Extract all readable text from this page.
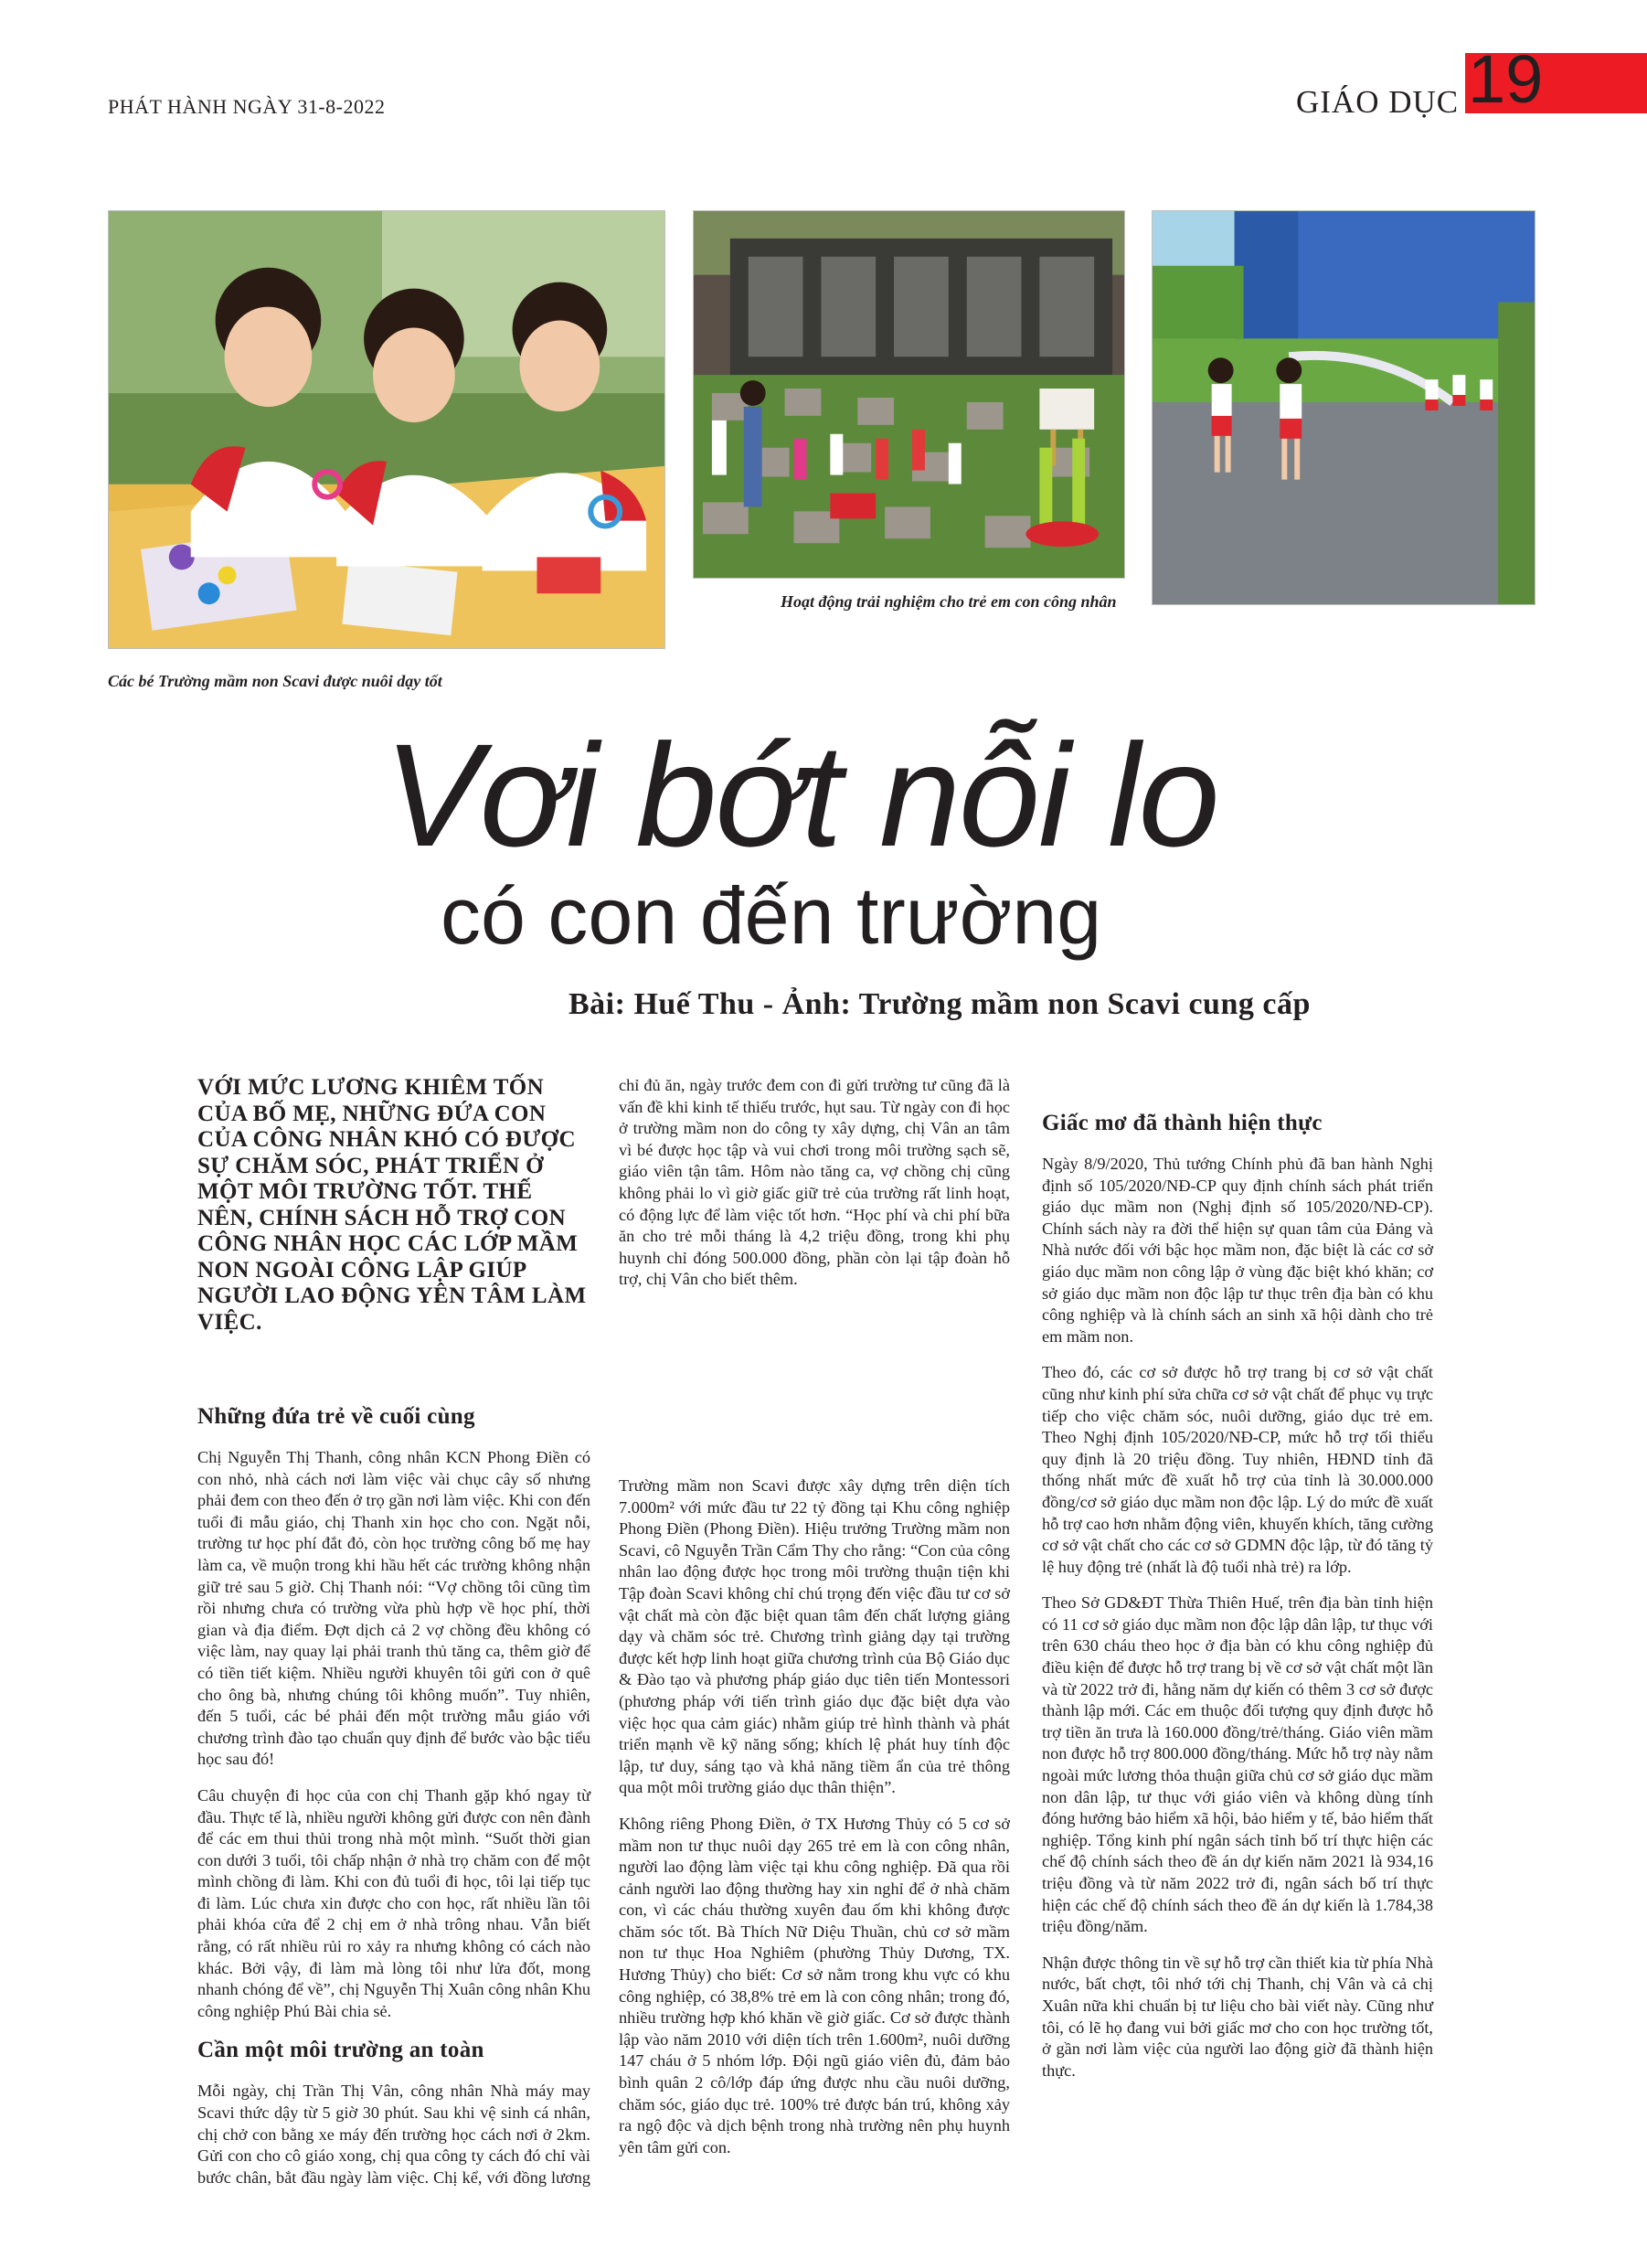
PHÁT HÀNH NGÀY 31-8-2022	GIÁO DỤC 19
Hoạt động trải nghiệm cho trẻ em con công nhân
Các bé Trường mầm non Scavi được nuôi dạy tốt
Vơi bớt nỗi lo
có con đến trường
Bài: Huế Thu - Ảnh: Trường mầm non Scavi cung cấp

VỚI MỨC LƯƠNG KHIÊM TỐN CỦA BỐ MẸ, NHỮNG ĐỨA CON CỦA CÔNG NHÂN KHÓ CÓ ĐƯỢC SỰ CHĂM SÓC, PHÁT TRIỂN Ở MỘT MÔI TRƯỜNG TỐT. THẾ NÊN, CHÍNH SÁCH HỖ TRỢ CON CÔNG NHÂN HỌC CÁC LỚP MẦM NON NGOÀI CÔNG LẬP GIÚP NGƯỜI LAO ĐỘNG YÊN TÂM LÀM VIỆC.

Những đứa trẻ về cuối cùng

Chị Nguyễn Thị Thanh, công nhân KCN Phong Điền có con nhỏ, nhà cách nơi làm việc vài chục cây số nhưng phải đem con theo đến ở trọ gần nơi làm việc. Khi con đến tuổi đi mẫu giáo, chị Thanh xin học cho con. Ngặt nỗi, trường tư học phí đắt đỏ, còn học trường công bố mẹ hay làm ca, về muộn trong khi hầu hết các trường không nhận giữ trẻ sau 5 giờ. Chị Thanh nói: “Vợ chồng tôi cũng tìm rồi nhưng chưa có trường vừa phù hợp về học phí, thời gian và địa điểm. Đợt dịch cả 2 vợ chồng đều không có việc làm, nay quay lại phải tranh thủ tăng ca, thêm giờ để có tiền tiết kiệm. Nhiều người khuyên tôi gửi con ở quê cho ông bà, nhưng chúng tôi không muốn”. Tuy nhiên, đến 5 tuổi, các bé phải đến một trường mẫu giáo với chương trình đào tạo chuẩn quy định để bước vào bậc tiểu học sau đó!

Câu chuyện đi học của con chị Thanh gặp khó ngay từ đầu. Thực tế là, nhiều người không gửi được con nên đành để các em thui thủi trong nhà một mình. “Suốt thời gian con dưới 3 tuổi, tôi chấp nhận ở nhà trọ chăm con để một mình chồng đi làm. Khi con đủ tuổi đi học, tôi lại tiếp tục đi làm. Lúc chưa xin được cho con học, rất nhiều lần tôi phải khóa cửa để 2 chị em ở nhà trông nhau. Vẫn biết rằng, có rất nhiều rủi ro xảy ra nhưng không có cách nào khác. Bởi vậy, đi làm mà lòng tôi như lửa đốt, mong nhanh chóng để về”, chị Nguyễn Thị Xuân công nhân Khu công nghiệp Phú Bài chia sẻ.

Cần một môi trường an toàn

Mỗi ngày, chị Trần Thị Vân, công nhân Nhà máy may Scavi thức dậy từ 5 giờ 30 phút. Sau khi vệ sinh cá nhân, chị chở con bằng xe máy đến trường học cách nơi ở 2km. Gửi con cho cô giáo xong, chị qua công ty cách đó chỉ vài bước chân, bắt đầu ngày làm việc. Chị kể, với đồng lương

chỉ đủ ăn, ngày trước đem con đi gửi trường tư cũng đã là vấn đề khi kinh tế thiếu trước, hụt sau. Từ ngày con đi học ở trường mầm non do công ty xây dựng, chị Vân an tâm vì bé được học tập và vui chơi trong môi trường sạch sẽ, giáo viên tận tâm. Hôm nào tăng ca, vợ chồng chị cũng không phải lo vì giờ giấc giữ trẻ của trường rất linh hoạt, có động lực để làm việc tốt hơn. “Học phí và chi phí bữa ăn cho trẻ mỗi tháng là 4,2 triệu đồng, trong khi phụ huynh chỉ đóng 500.000 đồng, phần còn lại tập đoàn hỗ trợ, chị Vân cho biết thêm.

Trường mầm non Scavi được xây dựng trên diện tích 7.000m² với mức đầu tư 22 tỷ đồng tại Khu công nghiệp Phong Điền (Phong Điền). Hiệu trưởng Trường mầm non Scavi, cô Nguyễn Trần Cẩm Thy cho rằng: “Con của công nhân lao động được học trong môi trường thuận tiện khi Tập đoàn Scavi không chỉ chú trọng đến việc đầu tư cơ sở vật chất mà còn đặc biệt quan tâm đến chất lượng giảng dạy và chăm sóc trẻ. Chương trình giảng dạy tại trường được kết hợp linh hoạt giữa chương trình của Bộ Giáo dục & Đào tạo và phương pháp giáo dục tiên tiến Montessori (phương pháp với tiến trình giáo dục đặc biệt dựa vào việc học qua cảm giác) nhằm giúp trẻ hình thành và phát triển mạnh về kỹ năng sống; khích lệ phát huy tính độc lập, tư duy, sáng tạo và khả năng tiềm ẩn của trẻ thông qua một môi trường giáo dục thân thiện”.

Không riêng Phong Điền, ở TX Hương Thủy có 5 cơ sở mầm non tư thục nuôi dạy 265 trẻ em là con công nhân, người lao động làm việc tại khu công nghiệp. Đã qua rồi cảnh người lao động thường hay xin nghỉ để ở nhà chăm con, vì các cháu thường xuyên đau ốm khi không được chăm sóc tốt. Bà Thích Nữ Diệu Thuần, chủ cơ sở mầm non tư thục Hoa Nghiêm (phường Thủy Dương, TX. Hương Thủy) cho biết: Cơ sở nằm trong khu vực có khu công nghiệp, có 38,8% trẻ em là con công nhân; trong đó, nhiều trường hợp khó khăn về giờ giấc. Cơ sở được thành lập vào năm 2010 với diện tích trên 1.600m², nuôi dưỡng 147 cháu ở 5 nhóm lớp. Đội ngũ giáo viên đủ, đảm bảo bình quân 2 cô/lớp đáp ứng được nhu cầu nuôi dưỡng, chăm sóc, giáo dục trẻ. 100% trẻ được bán trú, không xảy ra ngộ độc và dịch bệnh trong nhà trường nên phụ huynh yên tâm gửi con.

Giấc mơ đã thành hiện thực

Ngày 8/9/2020, Thủ tướng Chính phủ đã ban hành Nghị định số 105/2020/NĐ-CP quy định chính sách phát triển giáo dục mầm non (Nghị định số 105/2020/NĐ-CP). Chính sách này ra đời thể hiện sự quan tâm của Đảng và Nhà nước đối với bậc học mầm non, đặc biệt là các cơ sở giáo dục mầm non công lập ở vùng đặc biệt khó khăn; cơ sở giáo dục mầm non độc lập tư thục trên địa bàn có khu công nghiệp và là chính sách an sinh xã hội dành cho trẻ em mầm non.

Theo đó, các cơ sở được hỗ trợ trang bị cơ sở vật chất cũng như kinh phí sửa chữa cơ sở vật chất để phục vụ trực tiếp cho việc chăm sóc, nuôi dưỡng, giáo dục trẻ em. Theo Nghị định 105/2020/NĐ-CP, mức hỗ trợ tối thiểu quy định là 20 triệu đồng. Tuy nhiên, HĐND tỉnh đã thống nhất mức đề xuất hỗ trợ của tỉnh là 30.000.000 đồng/cơ sở giáo dục mầm non độc lập. Lý do mức đề xuất hỗ trợ cao hơn nhằm động viên, khuyến khích, tăng cường cơ sở vật chất cho các cơ sở GDMN độc lập, từ đó tăng tỷ lệ huy động trẻ (nhất là độ tuổi nhà trẻ) ra lớp.

Theo Sở GD&ĐT Thừa Thiên Huế, trên địa bàn tỉnh hiện có 11 cơ sở giáo dục mầm non độc lập dân lập, tư thục với trên 630 cháu theo học ở địa bàn có khu công nghiệp đủ điều kiện để được hỗ trợ trang bị về cơ sở vật chất một lần và từ 2022 trở đi, hằng năm dự kiến có thêm 3 cơ sở được thành lập mới. Các em thuộc đối tượng quy định được hỗ trợ tiền ăn trưa là 160.000 đồng/trẻ/tháng. Giáo viên mầm non được hỗ trợ 800.000 đồng/tháng. Mức hỗ trợ này nằm ngoài mức lương thỏa thuận giữa chủ cơ sở giáo dục mầm non dân lập, tư thục với giáo viên và không dùng tính đóng hưởng bảo hiểm xã hội, bảo hiểm y tế, bảo hiểm thất nghiệp. Tổng kinh phí ngân sách tỉnh bố trí thực hiện các chế độ chính sách theo đề án dự kiến năm 2021 là 934,16 triệu đồng và từ năm 2022 trở đi, ngân sách bố trí thực hiện các chế độ chính sách theo đề án dự kiến là 1.784,38 triệu đồng/năm.

Nhận được thông tin về sự hỗ trợ cần thiết kia từ phía Nhà nước, bất chợt, tôi nhớ tới chị Thanh, chị Vân và cả chị Xuân nữa khi chuẩn bị tư liệu cho bài viết này. Cũng như tôi, có lẽ họ đang vui bởi giấc mơ cho con học trường tốt, ở gần nơi làm việc của người lao động giờ đã thành hiện thực.
